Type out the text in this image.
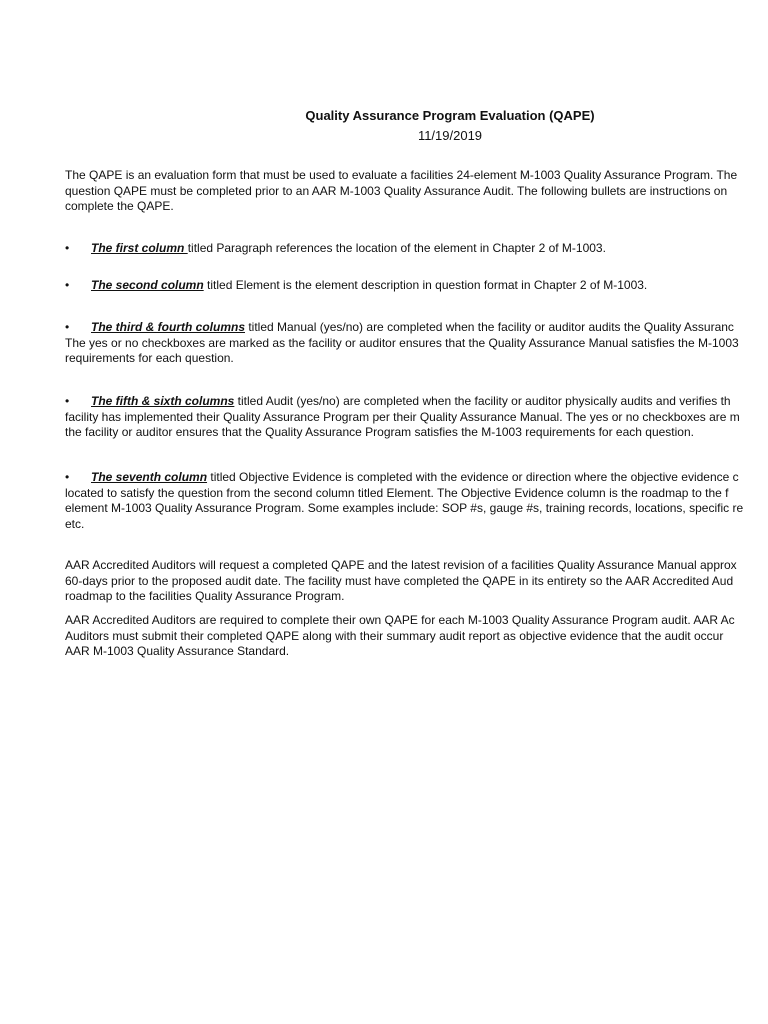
Quality Assurance Program Evaluation (QAPE)
11/19/2019
The QAPE is an evaluation form that must be used to evaluate a facilities 24-element M-1003 Quality Assurance Program. The
question QAPE must be completed prior to an AAR M-1003 Quality Assurance Audit. The following bullets are instructions on
complete the QAPE.
• The first column titled Paragraph references the location of the element in Chapter 2 of M-1003.
• The second column titled Element is the element description in question format in Chapter 2 of M-1003.
• The third & fourth columns titled Manual (yes/no) are completed when the facility or auditor audits the Quality Assuranc
The yes or no checkboxes are marked as the facility or auditor ensures that the Quality Assurance Manual satisfies the M-1003
requirements for each question.
• The fifth & sixth columns titled Audit (yes/no) are completed when the facility or auditor physically audits and verifies th
facility has implemented their Quality Assurance Program per their Quality Assurance Manual. The yes or no checkboxes are m
the facility or auditor ensures that the Quality Assurance Program satisfies the M-1003 requirements for each question.
• The seventh column titled Objective Evidence is completed with the evidence or direction where the objective evidence c
located to satisfy the question from the second column titled Element. The Objective Evidence column is the roadmap to the f
element M-1003 Quality Assurance Program. Some examples include: SOP #s, gauge #s, training records, locations, specific re
etc.
AAR Accredited Auditors will request a completed QAPE and the latest revision of a facilities Quality Assurance Manual approx
60-days prior to the proposed audit date. The facility must have completed the QAPE in its entirety so the AAR Accredited Aud
roadmap to the facilities Quality Assurance Program.
AAR Accredited Auditors are required to complete their own QAPE for each M-1003 Quality Assurance Program audit. AAR Ac
Auditors must submit their completed QAPE along with their summary audit report as objective evidence that the audit occur
AAR M-1003 Quality Assurance Standard.
